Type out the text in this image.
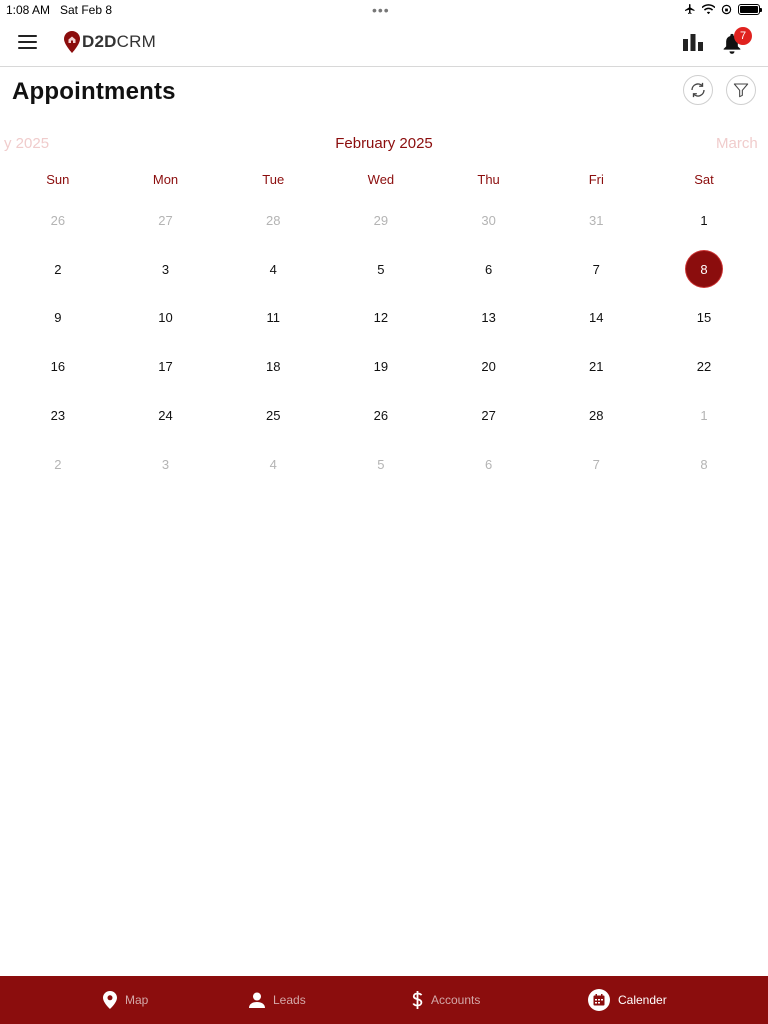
1:08 AM Sat Feb 8	•••
D2DCRM	7
Appointments
y 2025	February 2025	March
Sun	Mon	Tue	Wed	Thu	Fri	Sat
26	27	28	29	30	31	1
2	3	4	5	6	7	8
9	10	11	12	13	14	15
16	17	18	19	20	21	22
23	24	25	26	27	28	1
2	3	4	5	6	7	8
Map	Leads	Accounts	Calender
